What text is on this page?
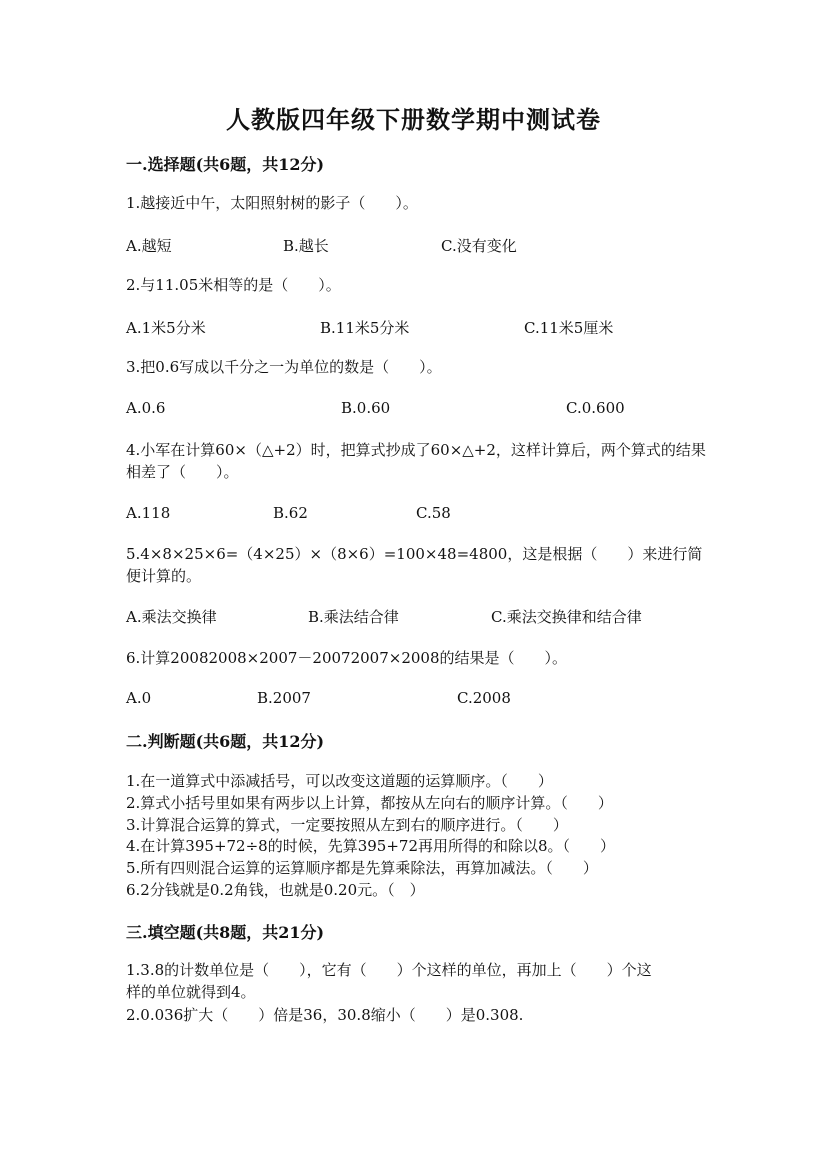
人教版四年级下册数学期中测试卷
一.选择题(共6题，共12分)
1.越接近中午，太阳照射树的影子（　　）。
A.越短	B.越长	C.没有变化
2.与11.05米相等的是（　　）。
A.1米5分米	B.11米5分米	C.11米5厘米
3.把0.6写成以千分之一为单位的数是（　　）。
A.0.6	B.0.60	C.0.600
4.小军在计算60×（△+2）时，把算式抄成了60×△+2，这样计算后，两个算式的结果相差了（　　）。
A.118	B.62	C.58
5.4×8×25×6=（4×25）×（8×6）=100×48=4800，这是根据（　　）来进行简便计算的。
A.乘法交换律	B.乘法结合律	C.乘法交换律和结合律
6.计算20082008×2007－20072007×2008的结果是（　　）。
A.0	B.2007	C.2008
二.判断题(共6题，共12分)
1.在一道算式中添减括号，可以改变这道题的运算顺序。（　　）
2.算式小括号里如果有两步以上计算，都按从左向右的顺序计算。（　　）
3.计算混合运算的算式，一定要按照从左到右的顺序进行。（　　）
4.在计算395+72÷8的时候，先算395+72再用所得的和除以8。（　　）
5.所有四则混合运算的运算顺序都是先算乘除法，再算加减法。（　　）
6.2分钱就是0.2角钱，也就是0.20元。（　）
三.填空题(共8题，共21分)
1.3.8的计数单位是（　　），它有（　　）个这样的单位，再加上（　　）个这样的单位就得到4。
2.0.036扩大（　　）倍是36，30.8缩小（　　）是0.308.
